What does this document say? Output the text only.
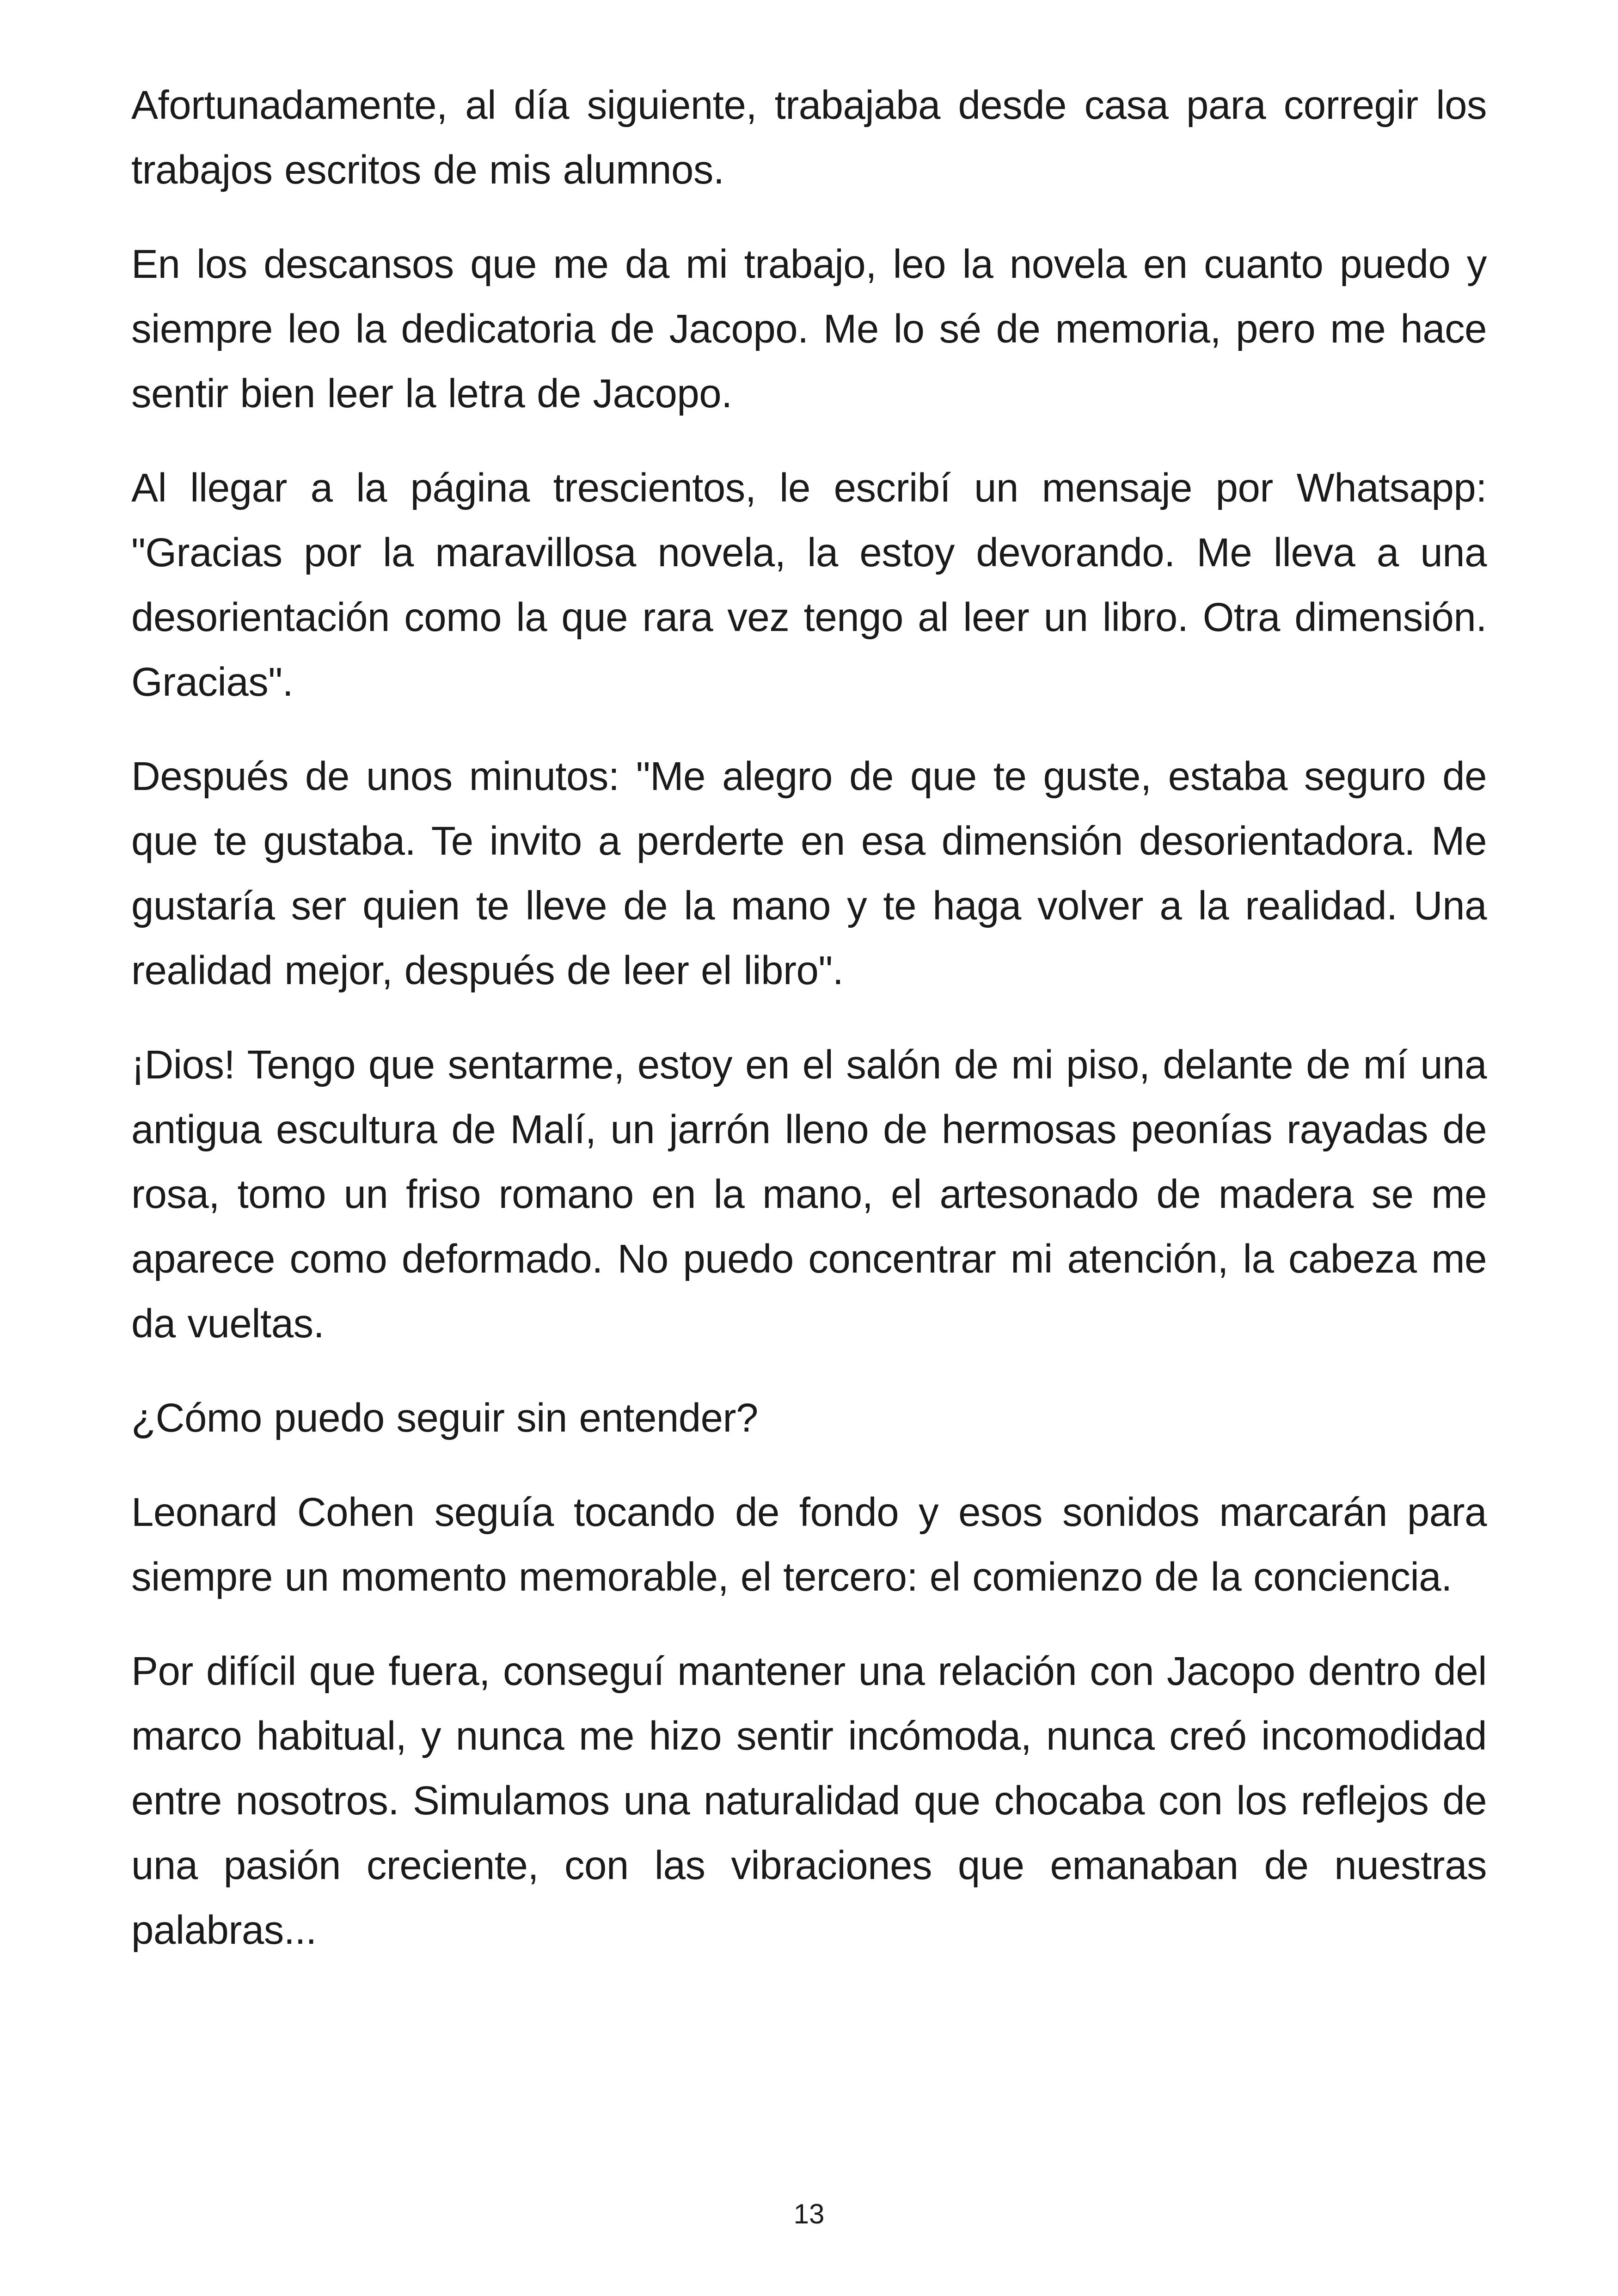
Afortunadamente, al día siguiente, trabajaba desde casa para corregir los trabajos escritos de mis alumnos.

En los descansos que me da mi trabajo, leo la novela en cuanto puedo y siempre leo la dedicatoria de Jacopo. Me lo sé de memoria, pero me hace sentir bien leer la letra de Jacopo.

Al llegar a la página trescientos, le escribí un mensaje por Whatsapp: "Gracias por la maravillosa novela, la estoy devorando. Me lleva a una desorientación como la que rara vez tengo al leer un libro. Otra dimensión. Gracias".

Después de unos minutos: "Me alegro de que te guste, estaba seguro de que te gustaba. Te invito a perderte en esa dimensión desorientadora. Me gustaría ser quien te lleve de la mano y te haga volver a la realidad. Una realidad mejor, después de leer el libro".

¡Dios! Tengo que sentarme, estoy en el salón de mi piso, delante de mí una antigua escultura de Malí, un jarrón lleno de hermosas peonías rayadas de rosa, tomo un friso romano en la mano, el artesonado de madera se me aparece como deformado. No puedo concentrar mi atención, la cabeza me da vueltas.

¿Cómo puedo seguir sin entender?

Leonard Cohen seguía tocando de fondo y esos sonidos marcarán para siempre un momento memorable, el tercero: el comienzo de la conciencia.

Por difícil que fuera, conseguí mantener una relación con Jacopo dentro del marco habitual, y nunca me hizo sentir incómoda, nunca creó incomodidad entre nosotros. Simulamos una naturalidad que chocaba con los reflejos de una pasión creciente, con las vibraciones que emanaban de nuestras palabras...

13
